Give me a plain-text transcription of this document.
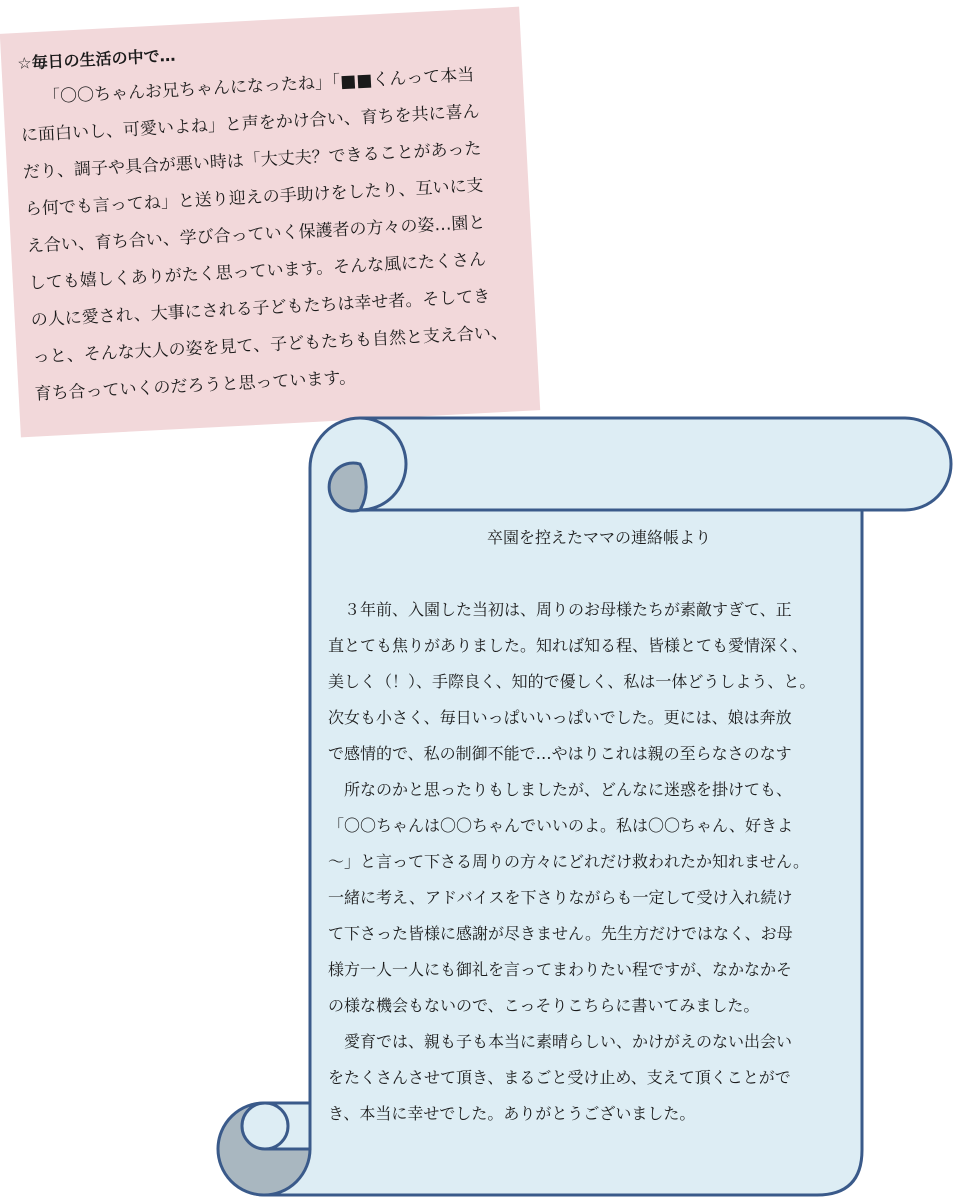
☆毎日の生活の中で…

「〇〇ちゃんお兄ちゃんになったね」「■■くんって本当

に面白いし、可愛いよね」と声をかけ合い、育ちを共に喜ん

だり、調子や具合が悪い時は「大丈夫？できることがあった

ら何でも言ってね」と送り迎えの手助けをしたり、互いに支

え合い、育ち合い、学び合っていく保護者の方々の姿…園と

しても嬉しくありがたく思っています。そんな風にたくさん

の人に愛され、大事にされる子どもたちは幸せ者。そしてき

っと、そんな大人の姿を見て、子どもたちも自然と支え合い、

育ち合っていくのだろうと思っています。

卒園を控えたママの連絡帳より

３年前、入園した当初は、周りのお母様たちが素敵すぎて、正

直とても焦りがありました。知れば知る程、皆様とても愛情深く、

美しく（！）、手際良く、知的で優しく、私は一体どうしよう、と。

次女も小さく、毎日いっぱいいっぱいでした。更には、娘は奔放

で感情的で、私の制御不能で…やはりこれは親の至らなさのなす

所なのかと思ったりもしましたが、どんなに迷惑を掛けても、

「〇〇ちゃんは〇〇ちゃんでいいのよ。私は〇〇ちゃん、好きよ

～」と言って下さる周りの方々にどれだけ救われたか知れません。

一緒に考え、アドバイスを下さりながらも一定して受け入れ続け

て下さった皆様に感謝が尽きません。先生方だけではなく、お母

様方一人一人にも御礼を言ってまわりたい程ですが、なかなかそ

の様な機会もないので、こっそりこちらに書いてみました。

愛育では、親も子も本当に素晴らしい、かけがえのない出会い

をたくさんさせて頂き、まるごと受け止め、支えて頂くことがで

き、本当に幸せでした。ありがとうございました。
